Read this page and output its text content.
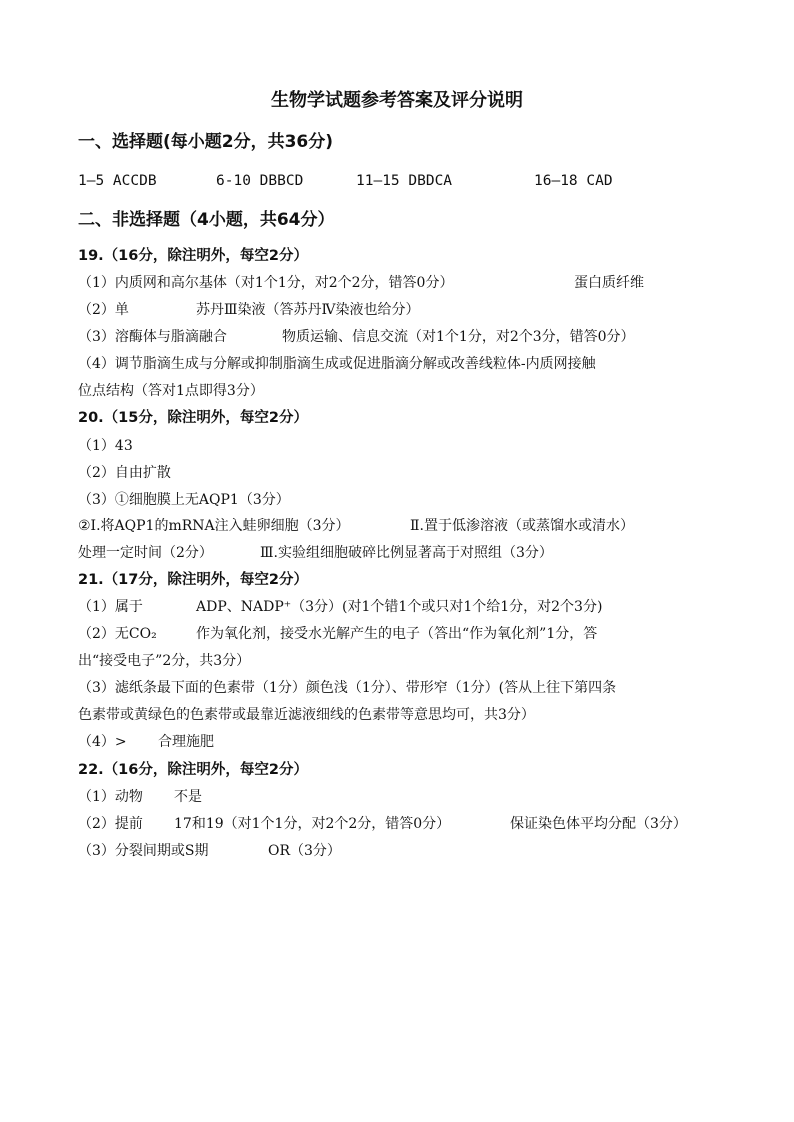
生物学试题参考答案及评分说明
一、选择题(每小题2分，共36分)
1—5 ACCDB	6-10 DBBCD	11—15 DBDCA	16—18 CAD
二、非选择题（4小题，共64分）
19.（16分，除注明外，每空2分）
（1）内质网和高尔基体（对1个1分，对2个2分，错答0分）	蛋白质纤维
（2）单	苏丹Ⅲ染液（答苏丹Ⅳ染液也给分）
（3）溶酶体与脂滴融合	物质运输、信息交流（对1个1分，对2个3分，错答0分）
（4）调节脂滴生成与分解或抑制脂滴生成或促进脂滴分解或改善线粒体-内质网接触
位点结构（答对1点即得3分）
20.（15分，除注明外，每空2分）
（1）43
（2）自由扩散
（3）①细胞膜上无AQP1（3分）
②Ⅰ.将AQP1的mRNA注入蛙卵细胞（3分）	Ⅱ.置于低渗溶液（或蒸馏水或清水）
处理一定时间（2分）	Ⅲ.实验组细胞破碎比例显著高于对照组（3分）
21.（17分，除注明外，每空2分）
（1）属于	ADP、NADP⁺（3分）(对1个错1个或只对1个给1分，对2个3分)
（2）无CO₂	作为氧化剂，接受水光解产生的电子（答出“作为氧化剂”1分，答
出“接受电子”2分，共3分）
（3）滤纸条最下面的色素带（1分）颜色浅（1分）、带形窄（1分）(答从上往下第四条
色素带或黄绿色的色素带或最靠近滤液细线的色素带等意思均可，共3分）
（4）> 合理施肥
22.（16分，除注明外，每空2分）
（1）动物 不是
（2）提前 17和19（对1个1分，对2个2分，错答0分）	保证染色体平均分配（3分）
（3）分裂间期或S期	OR（3分）
